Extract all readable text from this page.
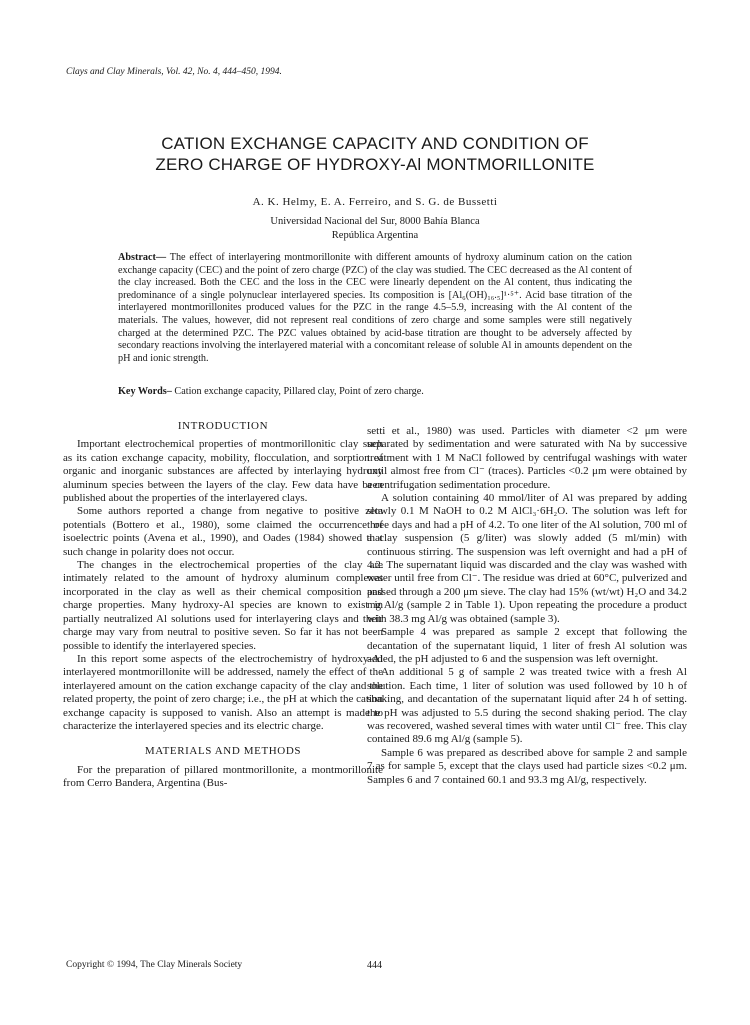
Clays and Clay Minerals, Vol. 42, No. 4, 444–450, 1994.
CATION EXCHANGE CAPACITY AND CONDITION OF
ZERO CHARGE OF HYDROXY-Al MONTMORILLONITE
A. K. Helmy, E. A. Ferreiro, and S. G. de Bussetti
Universidad Nacional del Sur, 8000 Bahía Blanca
República Argentina
Abstract— The effect of interlayering montmorillonite with different amounts of hydroxy aluminum cation on the cation exchange capacity (CEC) and the point of zero charge (PZC) of the clay was studied. The CEC decreased as the Al content of the clay increased. Both the CEC and the loss in the CEC were linearly dependent on the Al content, thus indicating the predominance of a single polynuclear interlayered species. Its composition is [Al₆(OH)₁₆.₅]¹·⁵⁺. Acid base titration of the interlayered montmorillonites produced values for the PZC in the range 4.5–5.9, increasing with the Al content of the materials. The values, however, did not represent real conditions of zero charge and some samples were still negatively charged at the determined PZC. The PZC values obtained by acid-base titration are thought to be adversely affected by secondary reactions involving the interlayered material with a concomitant release of soluble Al in amounts dependent on the pH and ionic strength.
Key Words– Cation exchange capacity, Pillared clay, Point of zero charge.
INTRODUCTION

Important electrochemical properties of montmorillonitic clay such as its cation exchange capacity, mobility, flocculation, and sorption of organic and inorganic substances are affected by interlaying hydroxy aluminum species between the layers of the clay. Few data have been published about the properties of the interlayered clays.

Some authors reported a change from negative to positive zeta potentials (Bottero et al., 1980), some claimed the occurrence of isoelectric points (Avena et al., 1990), and Oades (1984) showed that such change in polarity does not occur.

The changes in the electrochemical properties of the clay are intimately related to the amount of hydroxy aluminum complexes incorporated in the clay as well as their chemical composition and charge properties. Many hydroxy-Al species are known to exist in partially neutralized Al solutions used for interlayering clays and their charge may vary from neutral to positive seven. So far it has not been possible to identify the interlayered species.

In this report some aspects of the electrochemistry of hydroxy-Al interlayered montmorillonite will be addressed, namely the effect of the interlayered amount on the cation exchange capacity of the clay and the related property, the point of zero charge; i.e., the pH at which the cation exchange capacity is supposed to vanish. Also an attempt is made to characterize the interlayered species and its electric charge.

MATERIALS AND METHODS

For the preparation of pillared montmorillonite, a montmorillonite from Cerro Bandera, Argentina (Bus-

setti et al., 1980) was used. Particles with diameter <2 μm were separated by sedimentation and were saturated with Na by successive treatment with 1 M NaCl followed by centrifugal washings with water until almost free from Cl⁻ (traces). Particles <0.2 μm were obtained by a centrifugation sedimentation procedure.

A solution containing 40 mmol/liter of Al was prepared by adding slowly 0.1 M NaOH to 0.2 M AlCl₃·6H₂O. The solution was left for three days and had a pH of 4.2. To one liter of the Al solution, 700 ml of a clay suspension (5 g/liter) was slowly added (5 ml/min) with continuous stirring. The suspension was left overnight and had a pH of 4.2. The supernatant liquid was discarded and the clay was washed with water until free from Cl⁻. The residue was dried at 60°C, pulverized and passed through a 200 μm sieve. The clay had 15% (wt/wt) H₂O and 34.2 mg Al/g (sample 2 in Table 1). Upon repeating the procedure a product with 38.3 mg Al/g was obtained (sample 3).

Sample 4 was prepared as sample 2 except that following the decantation of the supernatant liquid, 1 liter of fresh Al solution was added, the pH adjusted to 6 and the suspension was left overnight.

An additional 5 g of sample 2 was treated twice with a fresh Al solution. Each time, 1 liter of solution was used followed by 10 h of shaking, and decantation of the supernatant liquid after 24 h of setting. the pH was adjusted to 5.5 during the second shaking period. The clay was recovered, washed several times with water until Cl⁻ free. This clay contained 89.6 mg Al/g (sample 5).

Sample 6 was prepared as described above for sample 2 and sample 7 as for sample 5, except that the clays used had particle sizes <0.2 μm. Samples 6 and 7 contained 60.1 and 93.3 mg Al/g, respectively.

Copyright © 1994, The Clay Minerals Society	444
